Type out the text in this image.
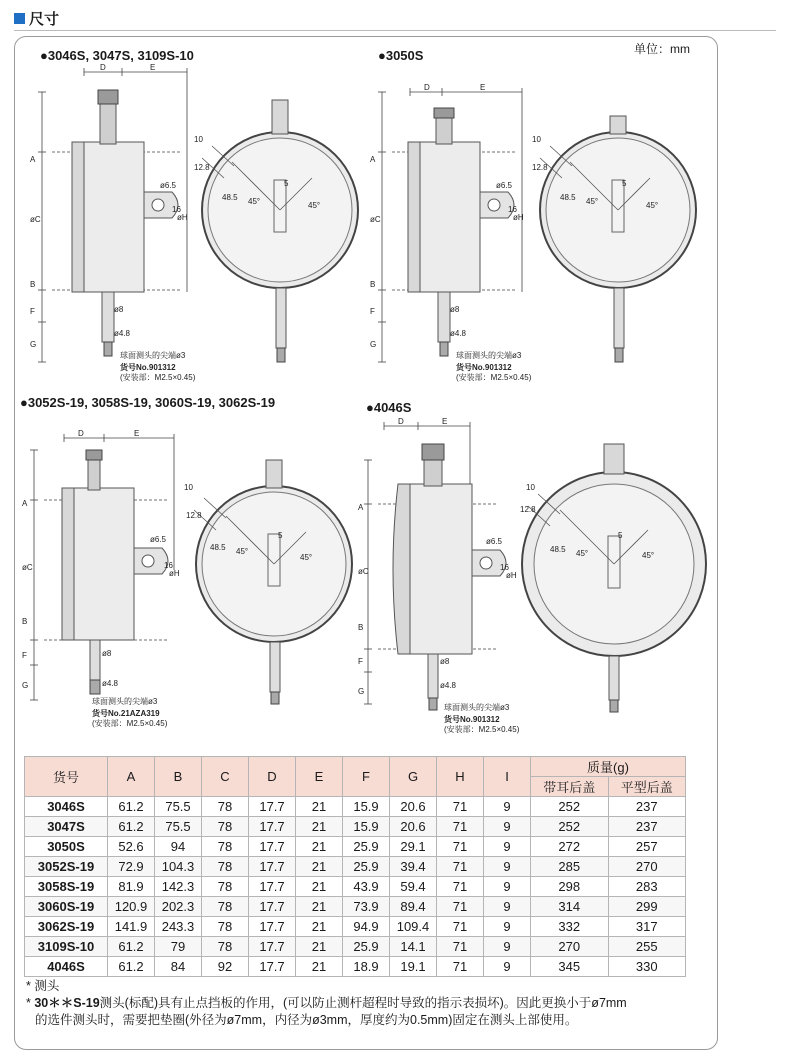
尺寸
单位：mm
●3046S, 3047S, 3109S-10	●3050S
●3052S-19, 3058S-19, 3060S-19, 3062S-19	●4046S
A
øC
B
F
G
D	E
ø6.5
16
øH
ø8
ø4.8
球面测头的尖端ø3
货号No.901312
(安装部：M2.5×0.45)
10
12.8
5
48.5 45°	45°
A
øC
B
F
G
D	E
ø6.5
16
øH
ø8
ø4.8
球面测头的尖端ø3
货号No.901312
(安装部：M2.5×0.45)
10
12.8
5
48.5 45°	45°
A
øC
B
F
G
D	E
ø6.5
16
øH
ø8
ø4.8
球面测头的尖端ø3
货号No.21AZA319
(安装部：M2.5×0.45)
10
12.8
5
48.5 45°
45°
A
øC
B
F
G
D	E
ø6.5
16
øH
ø8
ø4.8
球面测头的尖端ø3
货号No.901312
(安装部：M2.5×0.45)
10
12.8
5
48.5 45°	45°
货号	A	B	C	D	E	F	G	H	I	质量(g)	
										带耳后盖	平型后盖
3046S	61.2	75.5	78	17.7	21	15.9	20.6	71	9	252	237
3047S	61.2	75.5	78	17.7	21	15.9	20.6	71	9	252	237
3050S	52.6	94	78	17.7	21	25.9	29.1	71	9	272	257
3052S-19	72.9	104.3	78	17.7	21	25.9	39.4	71	9	285	270
3058S-19	81.9	142.3	78	17.7	21	43.9	59.4	71	9	298	283
3060S-19	120.9	202.3	78	17.7	21	73.9	89.4	71	9	314	299
3062S-19	141.9	243.3	78	17.7	21	94.9	109.4	71	9	332	317
3109S-10	61.2	79	78	17.7	21	25.9	14.1	71	9	270	255
4046S	61.2	84	92	17.7	21	18.9	19.1	71	9	345	330
* 测头
* 30＊＊S-19测头(标配)具有止点挡板的作用，(可以防止测杆超程时导致的指示表损坏)。因此更换小于ø7mm
的选件测头时，需要把垫圈(外径为ø7mm，内径为ø3mm，厚度约为0.5mm)固定在测头上部使用。
